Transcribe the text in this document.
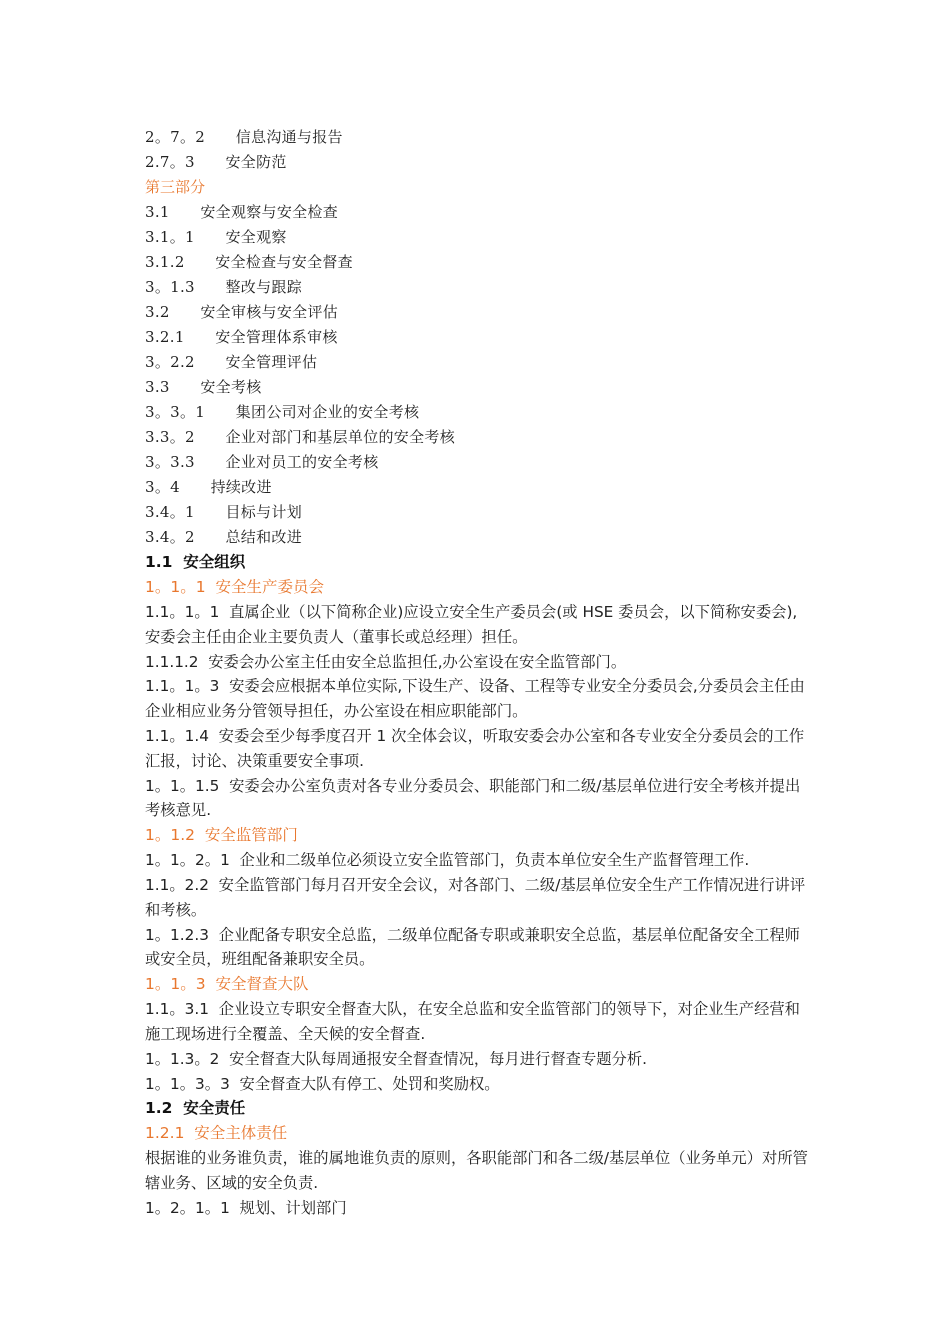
2。7。2　　信息沟通与报告
2.7。3　　安全防范
第三部分
3.1　　安全观察与安全检查
3.1。1　　安全观察
3.1.2　　安全检查与安全督查
3。1.3　　整改与跟踪
3.2　　安全审核与安全评估
3.2.1　　安全管理体系审核
3。2.2　　安全管理评估
3.3　　安全考核
3。3。1　　集团公司对企业的安全考核
3.3。2　　企业对部门和基层单位的安全考核
3。3.3　　企业对员工的安全考核
3。4　　持续改进
3.4。1　　目标与计划
3.4。2　　总结和改进
1.1  安全组织
1。1。1  安全生产委员会
1.1。1。1  直属企业（以下简称企业)应设立安全生产委员会(或 HSE 委员会，以下简称安委会),安委会主任由企业主要负责人（董事长或总经理）担任。
1.1.1.2  安委会办公室主任由安全总监担任,办公室设在安全监管部门。
1.1。1。3  安委会应根据本单位实际,下设生产、设备、工程等专业安全分委员会,分委员会主任由企业相应业务分管领导担任，办公室设在相应职能部门。
1.1。1.4  安委会至少每季度召开 1 次全体会议，听取安委会办公室和各专业安全分委员会的工作汇报，讨论、决策重要安全事项.
1。1。1.5  安委会办公室负责对各专业分委员会、职能部门和二级/基层单位进行安全考核并提出考核意见.
1。1.2  安全监管部门
1。1。2。1  企业和二级单位必须设立安全监管部门，负责本单位安全生产监督管理工作.
1.1。2.2  安全监管部门每月召开安全会议，对各部门、二级/基层单位安全生产工作情况进行讲评和考核。
1。1.2.3  企业配备专职安全总监，二级单位配备专职或兼职安全总监，基层单位配备安全工程师或安全员，班组配备兼职安全员。
1。1。3  安全督查大队
1.1。3.1  企业设立专职安全督查大队，在安全总监和安全监管部门的领导下，对企业生产经营和施工现场进行全覆盖、全天候的安全督查.
1。1.3。2  安全督查大队每周通报安全督查情况，每月进行督查专题分析.
1。1。3。3  安全督查大队有停工、处罚和奖励权。
1.2  安全责任
1.2.1  安全主体责任
根据谁的业务谁负责，谁的属地谁负责的原则，各职能部门和各二级/基层单位（业务单元）对所管辖业务、区域的安全负责.
1。2。1。1  规划、计划部门
